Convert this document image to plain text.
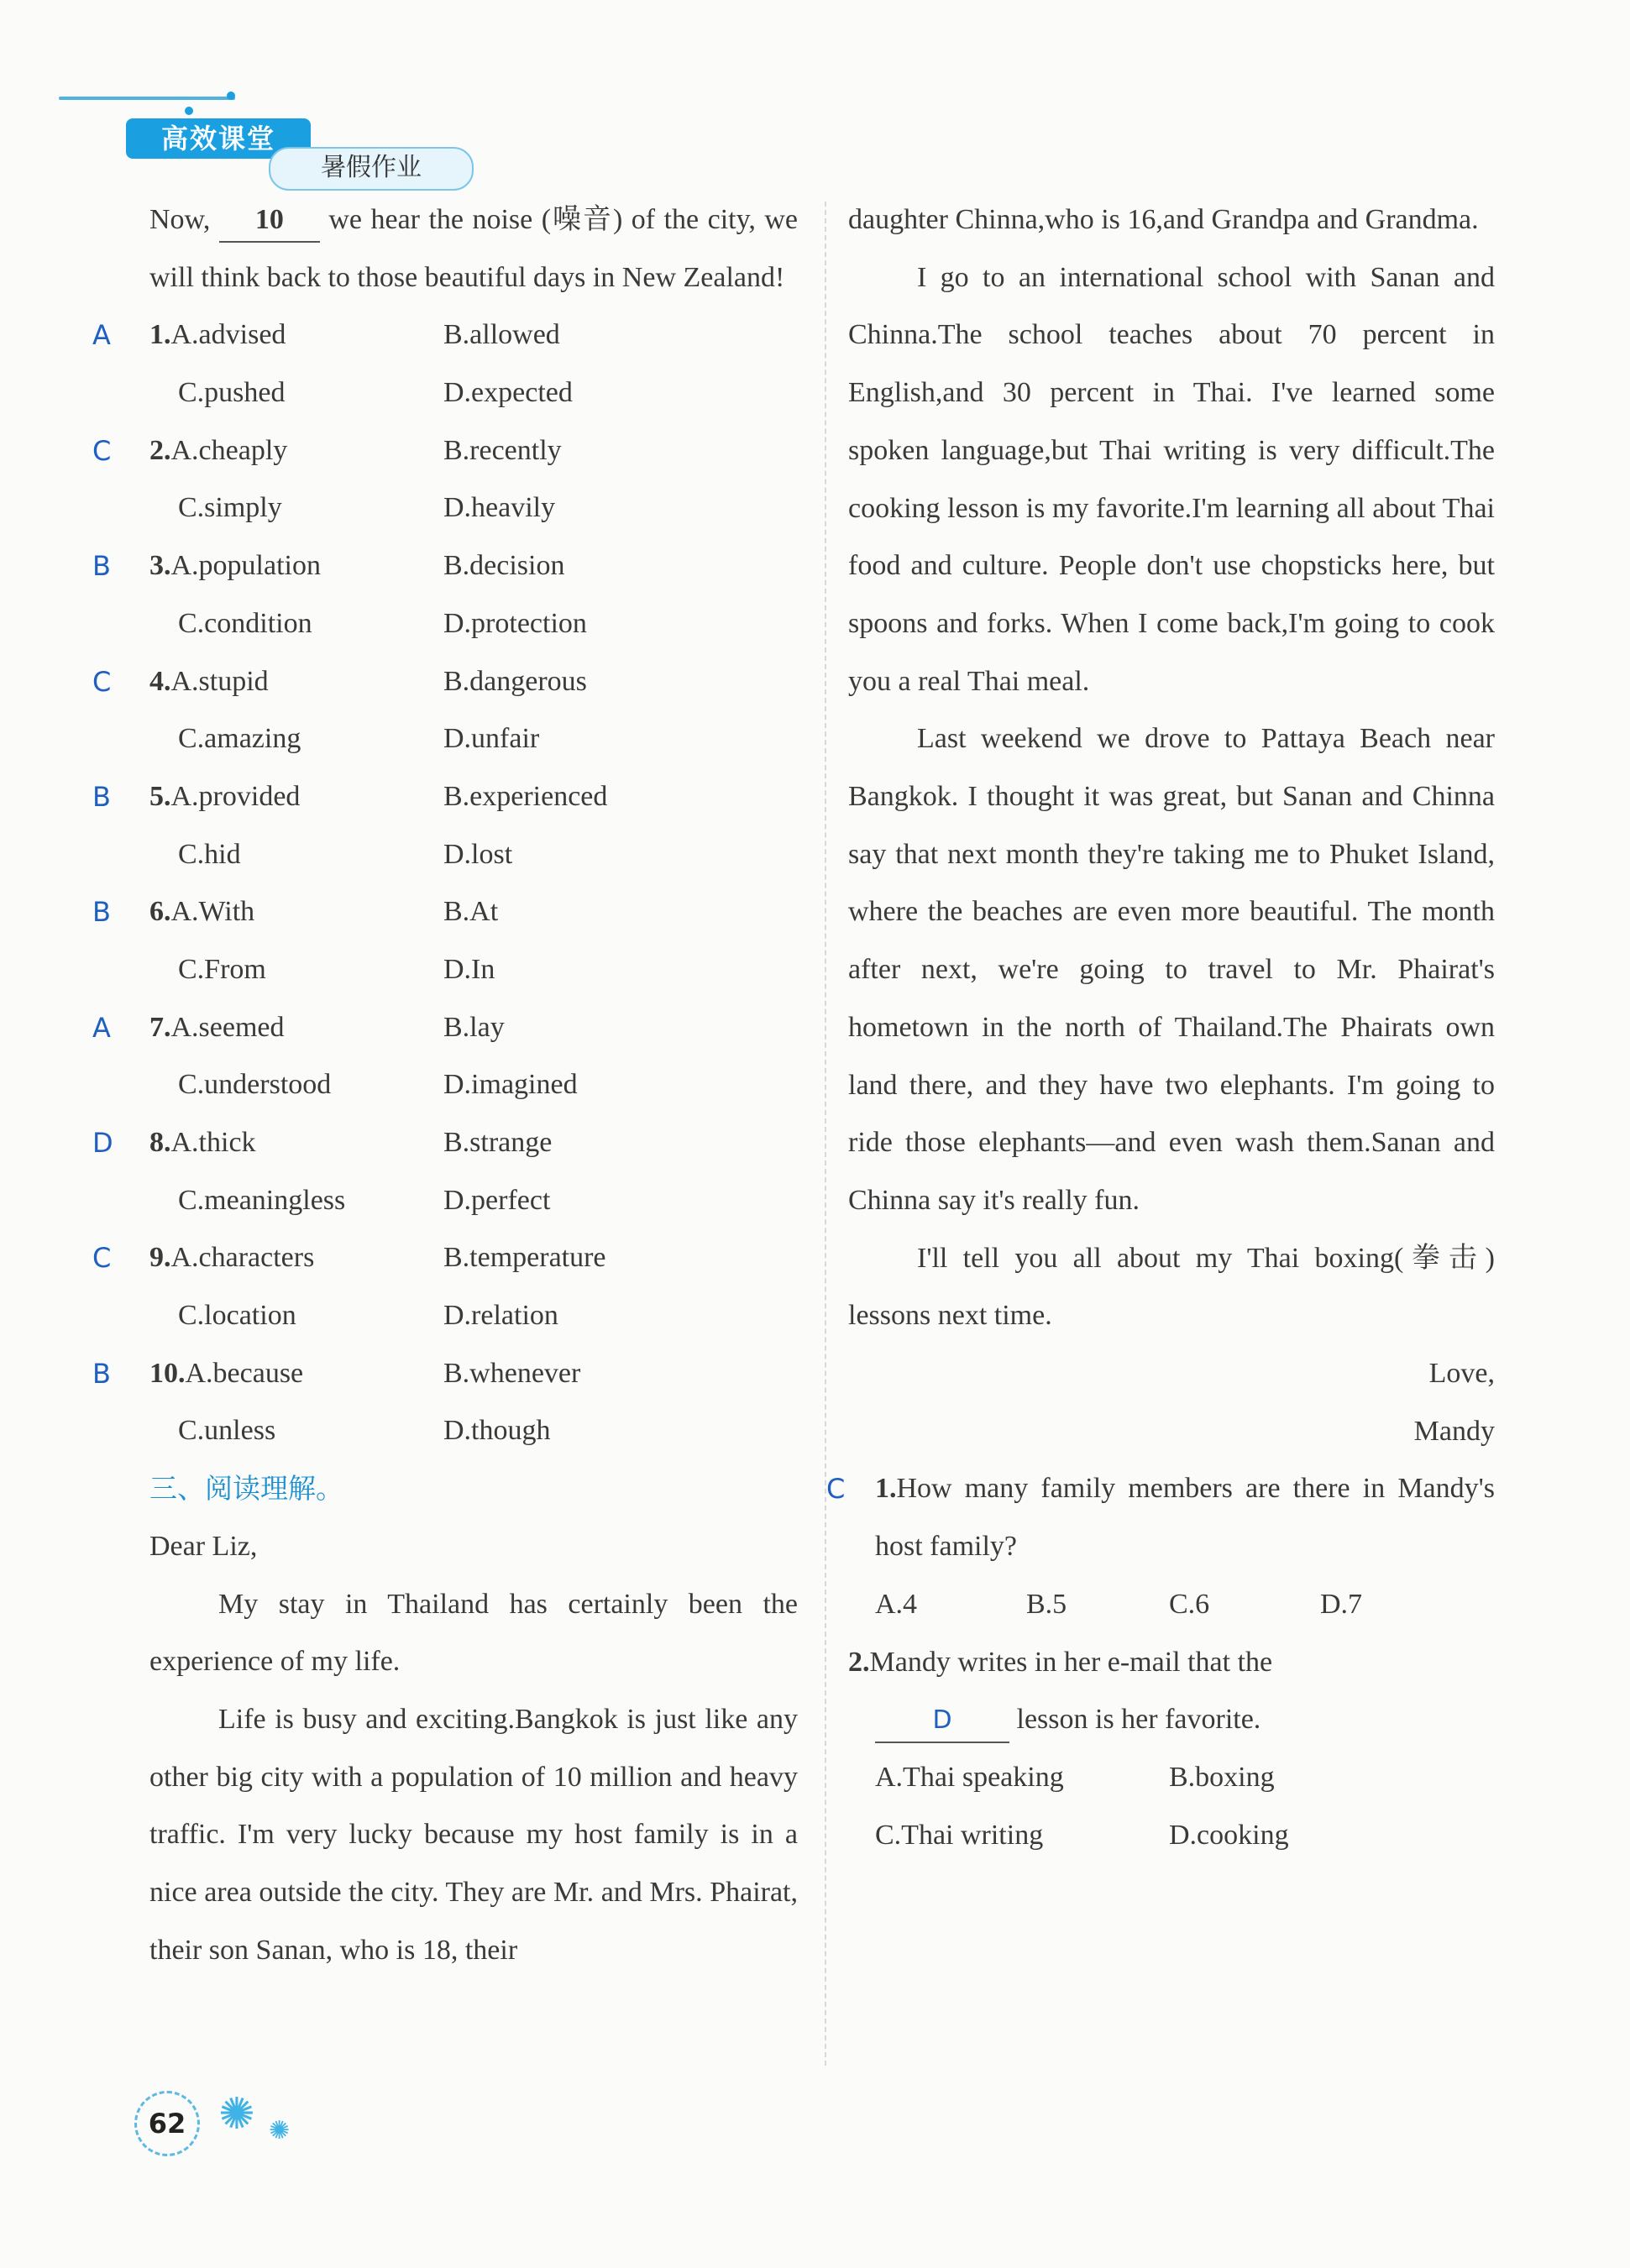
高效课堂
暑假作业

Now, 10 we hear the noise (噪音) of the city, we will think back to those beautiful days in New Zealand!

A 1.A.advised	B.allowed
C.pushed	D.expected
C 2.A.cheaply	B.recently
C.simply	D.heavily
B 3.A.population	B.decision
C.condition	D.protection
C 4.A.stupid	B.dangerous
C.amazing	D.unfair
B 5.A.provided	B.experienced
C.hid	D.lost
B 6.A.With	B.At
C.From	D.In
A 7.A.seemed	B.lay
C.understood	D.imagined
D 8.A.thick	B.strange
C.meaningless	D.perfect
C 9.A.characters	B.temperature
C.location	D.relation
B 10.A.because	B.whenever
C.unless	D.though

三、阅读理解。

Dear Liz,

My stay in Thailand has certainly been the experience of my life.

Life is busy and exciting.Bangkok is just like any other big city with a population of 10 million and heavy traffic. I'm very lucky because my host family is in a nice area outside the city. They are Mr. and Mrs. Phairat, their son Sanan, who is 18, their

daughter Chinna,who is 16,and Grandpa and Grandma.

I go to an international school with Sanan and Chinna.The school teaches about 70 percent in English,and 30 percent in Thai. I've learned some spoken language,but Thai writing is very difficult.The cooking lesson is my favorite.I'm learning all about Thai food and culture. People don't use chopsticks here, but spoons and forks. When I come back,I'm going to cook you a real Thai meal.

Last weekend we drove to Pattaya Beach near Bangkok. I thought it was great, but Sanan and Chinna say that next month they're taking me to Phuket Island, where the beaches are even more beautiful. The month after next, we're going to travel to Mr. Phairat's hometown in the north of Thailand.The Phairats own land there, and they have two elephants. I'm going to ride those elephants—and even wash them.Sanan and Chinna say it's really fun.

I'll tell you all about my Thai boxing(拳击) lessons next time.

Love,

Mandy

C	1.How many family members are there in Mandy's host family?

A.4	B.5	C.6	D.7

2.Mandy writes in her e-mail that the

D lesson is her favorite.

A.Thai speaking	B.boxing
C.Thai writing	D.cooking
62 ✺ ✺
